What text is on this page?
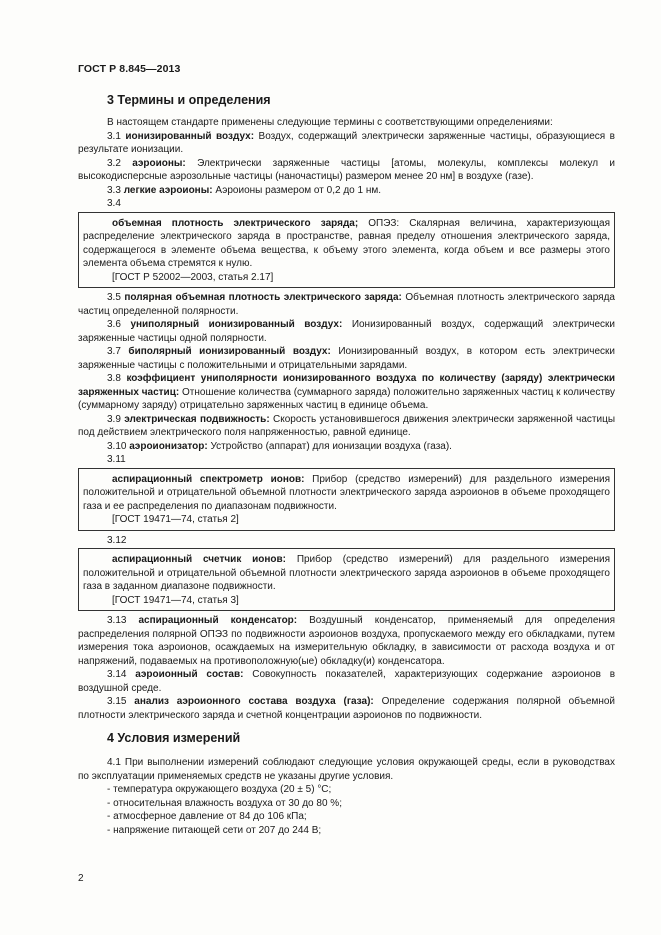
ГОСТ Р 8.845—2013
3 Термины и определения

В настоящем стандарте применены следующие термины с соответствующими определениями:

3.1 ионизированный воздух: Воздух, содержащий электрически заряженные частицы, образующиеся в результате ионизации.

3.2 аэроионы: Электрически заряженные частицы [атомы, молекулы, комплексы молекул и высокодисперсные аэрозольные частицы (наночастицы) размером менее 20 нм] в воздухе (газе).

3.3 легкие аэроионы: Аэроионы размером от 0,2 до 1 нм.

3.4

объемная плотность электрического заряда; ОПЭЗ: Скалярная величина, характеризующая распределение электрического заряда в пространстве, равная пределу отношения электрического заряда, содержащегося в элементе объема вещества, к объему этого элемента, когда объем и все размеры этого элемента объема стремятся к нулю.

[ГОСТ Р 52002—2003, статья 2.17]

3.5 полярная объемная плотность электрического заряда: Объемная плотность электрического заряда частиц определенной полярности.

3.6 униполярный ионизированный воздух: Ионизированный воздух, содержащий электрически заряженные частицы одной полярности.

3.7 биполярный ионизированный воздух: Ионизированный воздух, в котором есть электрически заряженные частицы с положительными и отрицательными зарядами.

3.8 коэффициент униполярности ионизированного воздуха по количеству (заряду) электрически заряженных частиц: Отношение количества (суммарного заряда) положительно заряженных частиц к количеству (суммарному заряду) отрицательно заряженных частиц в единице объема.

3.9 электрическая подвижность: Скорость установившегося движения электрически заряженной частицы под действием электрического поля напряженностью, равной единице.

3.10 аэроионизатор: Устройство (аппарат) для ионизации воздуха (газа).

3.11

аспирационный спектрометр ионов: Прибор (средство измерений) для раздельного измерения положительной и отрицательной объемной плотности электрического заряда аэроионов в объеме проходящего газа и ее распределения по диапазонам подвижности.

[ГОСТ 19471—74, статья 2]

3.12

аспирационный счетчик ионов: Прибор (средство измерений) для раздельного измерения положительной и отрицательной объемной плотности электрического заряда аэроионов в объеме проходящего газа в заданном диапазоне подвижности.

[ГОСТ 19471—74, статья 3]

3.13 аспирационный конденсатор: Воздушный конденсатор, применяемый для определения распределения полярной ОПЭЗ по подвижности аэроионов воздуха, пропускаемого между его обкладками, путем измерения тока аэроионов, осаждаемых на измерительную обкладку, в зависимости от расхода воздуха и от напряжений, подаваемых на противоположную(ые) обкладку(и) конденсатора.

3.14 аэроионный состав: Совокупность показателей, характеризующих содержание аэроионов в воздушной среде.

3.15 анализ аэроионного состава воздуха (газа): Определение содержания полярной объемной плотности электрического заряда и счетной концентрации аэроионов по подвижности.

4 Условия измерений

4.1 При выполнении измерений соблюдают следующие условия окружающей среды, если в руководствах по эксплуатации применяемых средств не указаны другие условия.

- температура окружающего воздуха (20 ± 5) °С;

- относительная влажность воздуха от 30 до 80 %;

- атмосферное давление от 84 до 106 кПа;

- напряжение питающей сети от 207 до 244 В;

2
